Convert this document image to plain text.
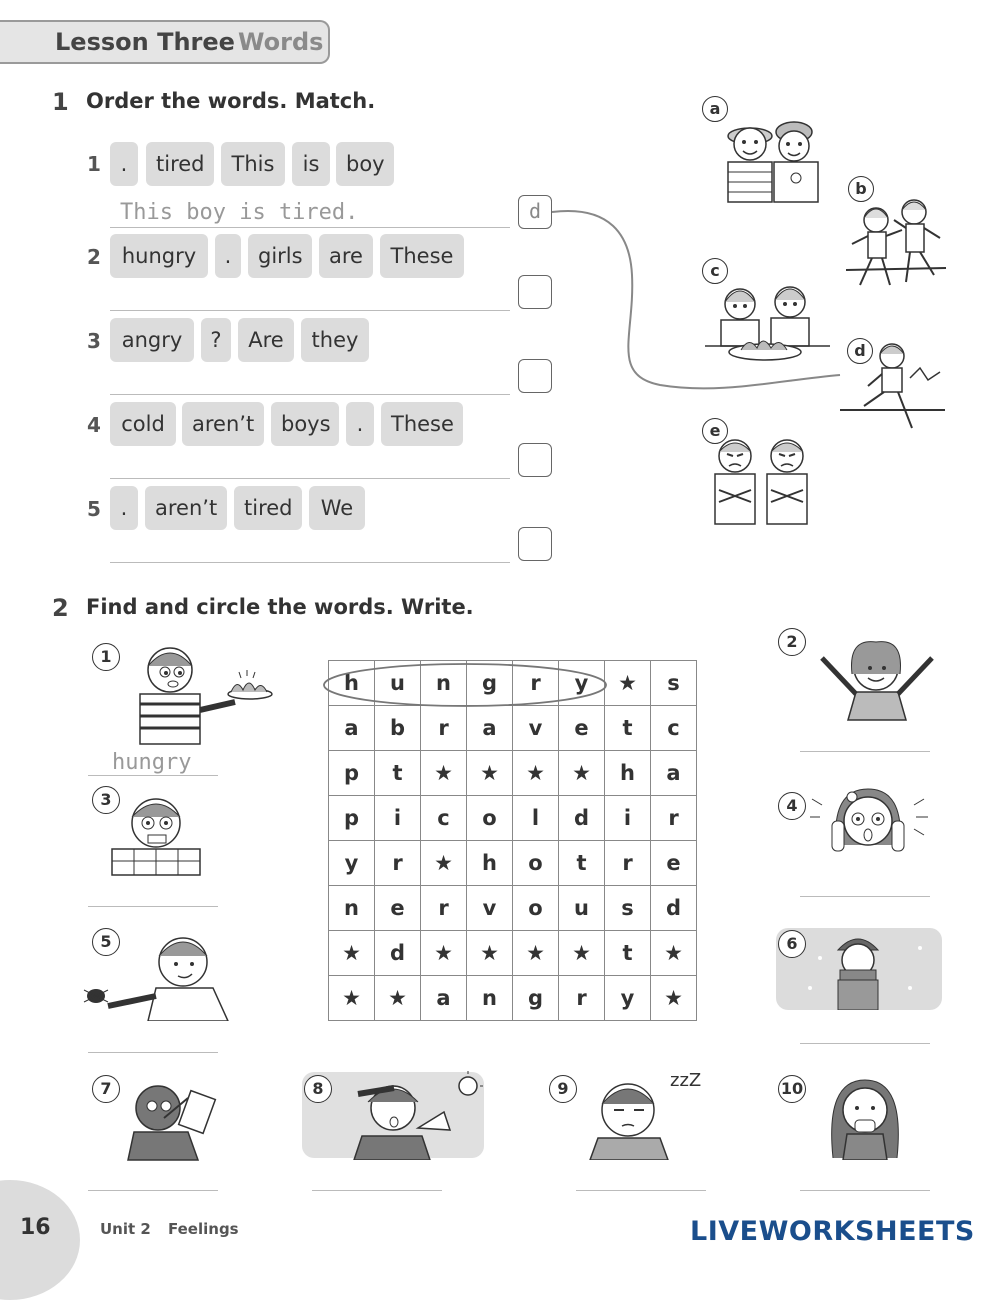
Lesson Three Words
1 Order the words. Match.
1 .	tired	This	is	boy
This boy is tired.	d
2 hungry	.	girls	are	These
3 angry	?	Are	they
4 cold	aren’t	boys	.	These
5 .	aren’t	tired	We
a
b
c
d
e
2 Find and circle the words. Write.
1
hungry
3
5
7	8	zzZ
9
2
4
6
10
h	u	n	g	r	y	★	s
a	b	r	a	v	e	t	c
p	t	★	★	★	★	h	a
p	i	c	o	l	d	i	r
y	r	★	h	o	t	r	e
n	e	r	v	o	u	s	d
★	d	★	★	★	★	t	★
★	★	a	n	g	r	y	★
16	Unit 2 Feelings	LIVEWORKSHEETS
